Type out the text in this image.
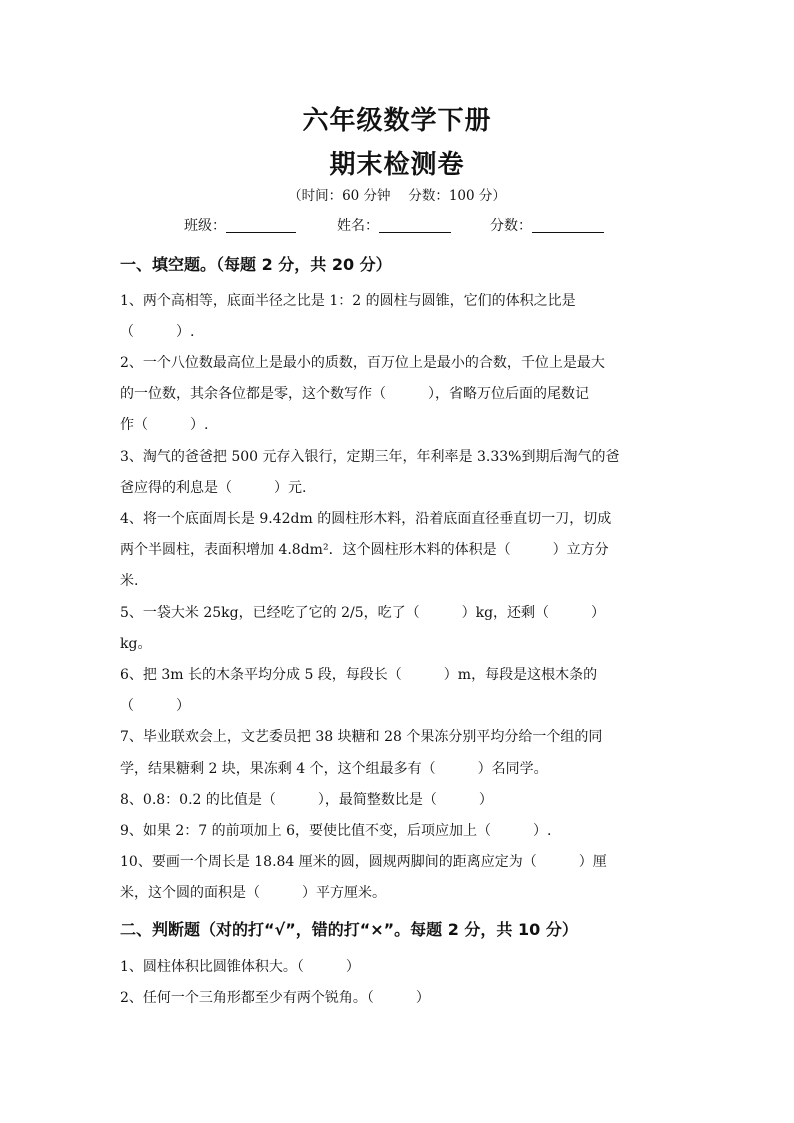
六年级数学下册
期末检测卷
（时间：60 分钟　 分数：100 分）
班级：	姓名：	分数：
一、填空题。（每题 2 分，共 20 分）
1、两个高相等，底面半径之比是 1：2 的圆柱与圆锥，它们的体积之比是
（　　　）.
2、一个八位数最高位上是最小的质数，百万位上是最小的合数，千位上是最大
的一位数，其余各位都是零，这个数写作（　　　），省略万位后面的尾数记
作（　　　）.
3、淘气的爸爸把 500 元存入银行，定期三年，年利率是 3.33%到期后淘气的爸
爸应得的利息是（　　　）元.
4、将一个底面周长是 9.42dm 的圆柱形木料，沿着底面直径垂直切一刀，切成
两个半圆柱，表面积增加 4.8dm²．这个圆柱形木料的体积是（　　　）立方分
米.
5、一袋大米 25kg，已经吃了它的 2/5，吃了（　　　）kg，还剩（　　　）
kg。
6、把 3m 长的木条平均分成 5 段，每段长（　　　）m，每段是这根木条的
（　　　）
7、毕业联欢会上，文艺委员把 38 块糖和 28 个果冻分别平均分给一个组的同
学，结果糖剩 2 块，果冻剩 4 个，这个组最多有（　　　）名同学。
8、0.8：0.2 的比值是（　　　），最简整数比是（　　　）
9、如果 2：7 的前项加上 6，要使比值不变，后项应加上（　　　）.
10、要画一个周长是 18.84 厘米的圆，圆规两脚间的距离应定为（　　　）厘
米，这个圆的面积是（　　　）平方厘米。
二、判断题（对的打“√”，错的打“×”。每题 2 分，共 10 分）
1、圆柱体积比圆锥体积大。（　　　）
2、任何一个三角形都至少有两个锐角。（　　　）
